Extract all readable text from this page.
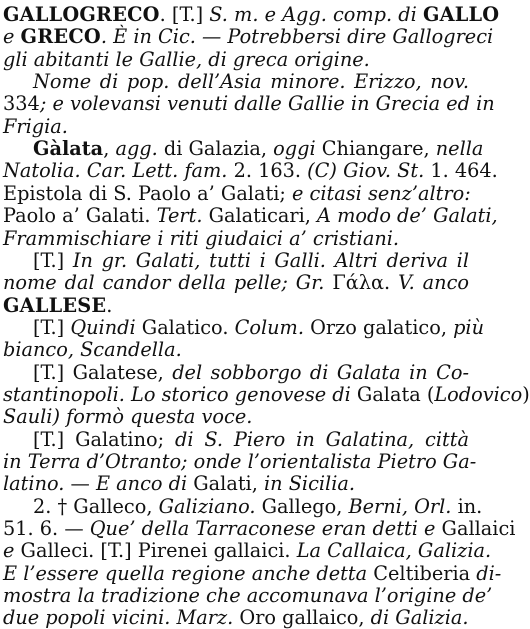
GALLOGRECO. [T.] S. m. e Agg. comp. di GALLO
e GRECO. È in Cic. — Potrebbersi dire Gallogreci
gli abitanti le Gallie, di greca origine.
Nome di pop. dell’Asia minore. Erizzo, nov.
334; e volevansi venuti dalle Gallie in Grecia ed in
Frigia.
Gàlata, agg. di Galazia, oggi Chiangare, nella
Natolia. Car. Lett. fam. 2. 163. (C) Giov. St. 1. 464.
Epistola di S. Paolo a’ Galati; e citasi senz’altro:
Paolo a’ Galati. Tert. Galaticari, A modo de’ Galati,
Frammischiare i riti giudaici a’ cristiani.
[T.] In gr. Galati, tutti i Galli. Altri deriva il
nome dal candor della pelle; Gr. Γάλα. V. anco
GALLESE.
[T.] Quindi Galatico. Colum. Orzo galatico, più
bianco, Scandella.
[T.] Galatese, del sobborgo di Galata in Co-
stantinopoli. Lo storico genovese di Galata (Lodovico)
Sauli) formò questa voce.
[T.] Galatino; di S. Piero in Galatina, città
in Terra d’Otranto; onde l’orientalista Pietro Ga-
latino. — E anco di Galati, in Sicilia.
2. † Galleco, Galiziano. Gallego, Berni, Orl. in.
51. 6. — Que’ della Tarraconese eran detti e Gallaici
e Galleci. [T.] Pirenei gallaici. La Callaica, Galizia.
E l’essere quella regione anche detta Celtiberia di-
mostra la tradizione che accomunava l’origine de’
due popoli vicini. Marz. Oro gallaico, di Galizia.
